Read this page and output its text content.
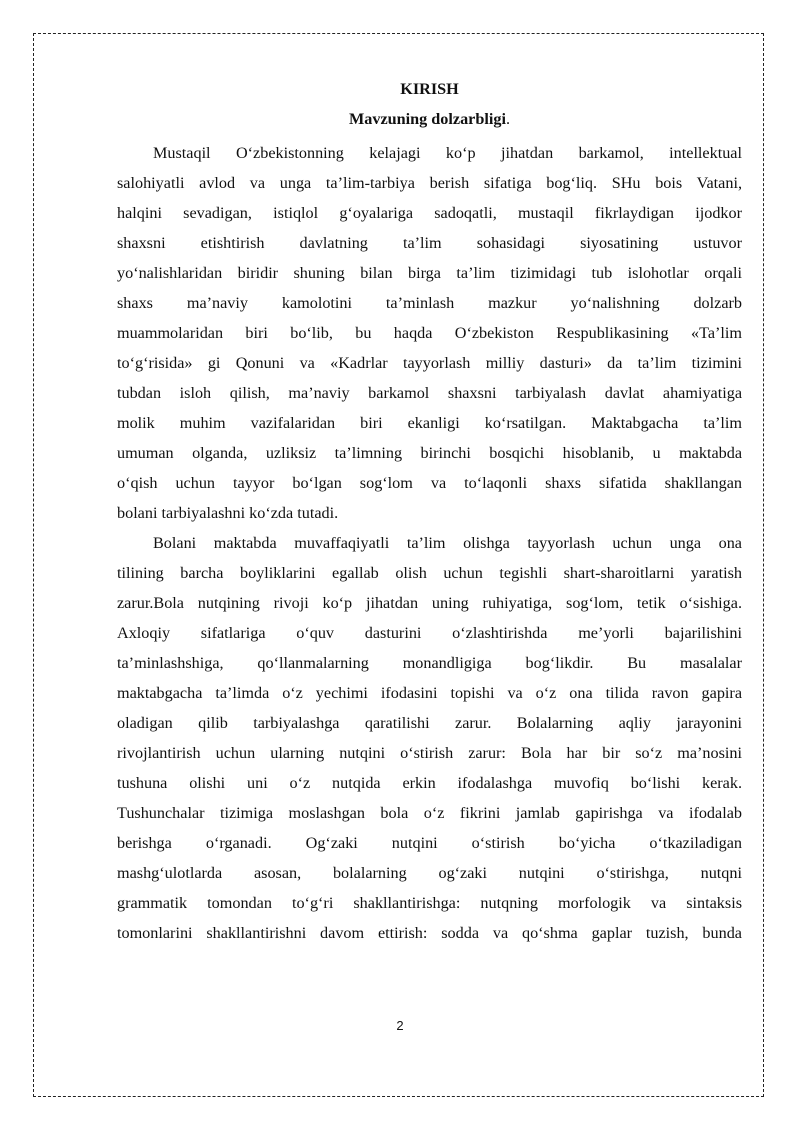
KIRISH

Mavzuning dolzarbligi.

Mustaqil O‘zbekistonning kelajagi ko‘p jihatdan barkamol, intellektual
salohiyatli avlod va unga ta’lim-tarbiya berish sifatiga bog‘liq. SHu bois Vatani,
halqini sevadigan, istiqlol g‘oyalariga sadoqatli, mustaqil fikrlaydigan ijodkor
shaxsni etishtirish davlatning ta’lim sohasidagi siyosatining ustuvor
yo‘nalishlaridan biridir shuning bilan birga ta’lim tizimidagi tub islohotlar orqali
shaxs ma’naviy kamolotini ta’minlash mazkur yo‘nalishning dolzarb
muammolaridan biri bo‘lib, bu haqda O‘zbekiston Respublikasining «Ta’lim
to‘g‘risida» gi Qonuni va «Kadrlar tayyorlash milliy dasturi» da ta’lim tizimini
tubdan isloh qilish, ma’naviy barkamol shaxsni tarbiyalash davlat ahamiyatiga
molik muhim vazifalaridan biri ekanligi ko‘rsatilgan. Maktabgacha ta’lim
umuman olganda, uzliksiz ta’limning birinchi bosqichi hisoblanib, u maktabda
o‘qish uchun tayyor bo‘lgan sog‘lom va to‘laqonli shaxs sifatida shakllangan
bolani tarbiyalashni ko‘zda tutadi.
Bolani maktabda muvaffaqiyatli ta’lim olishga tayyorlash uchun unga ona
tilining barcha boyliklarini egallab olish uchun tegishli shart-sharoitlarni yaratish
zarur.Bola nutqining rivoji ko‘p jihatdan uning ruhiyatiga, sog‘lom, tetik o‘sishiga.
Axloqiy sifatlariga o‘quv dasturini o‘zlashtirishda me’yorli bajarilishini
ta’minlashshiga, qo‘llanmalarning monandligiga bog‘likdir. Bu masalalar
maktabgacha ta’limda o‘z yechimi ifodasini topishi va o‘z ona tilida ravon gapira
oladigan qilib tarbiyalashga qaratilishi zarur. Bolalarning aqliy jarayonini
rivojlantirish uchun ularning nutqini o‘stirish zarur: Bola har bir so‘z ma’nosini
tushuna olishi uni o‘z nutqida erkin ifodalashga muvofiq bo‘lishi kerak.
Tushunchalar tizimiga moslashgan bola o‘z fikrini jamlab gapirishga va ifodalab
berishga o‘rganadi. Og‘zaki nutqini o‘stirish bo‘yicha o‘tkaziladigan
mashg‘ulotlarda asosan, bolalarning og‘zaki nutqini o‘stirishga, nutqni
grammatik tomondan to‘g‘ri shakllantirishga: nutqning morfologik va sintaksis
tomonlarini shakllantirishni davom ettirish: sodda va qo‘shma gaplar tuzish, bunda
2
